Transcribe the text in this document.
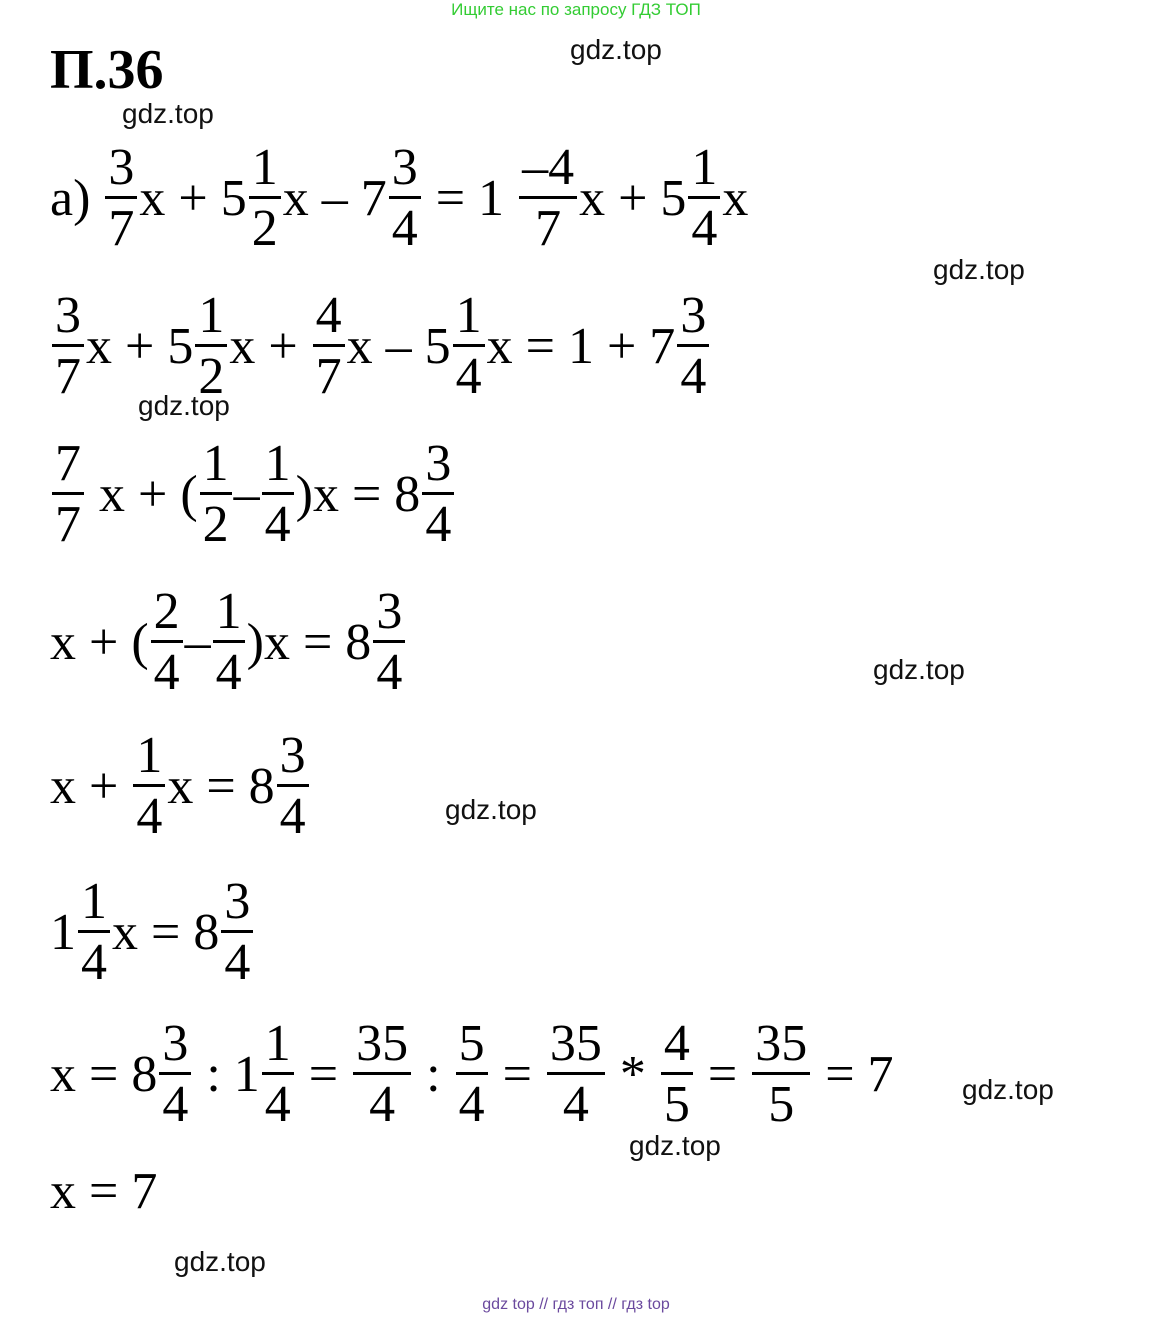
Ищите нас по запросу ГДЗ ТОП
П.36	gdz.top
gdz.top
gdz.top
gdz.top
gdz.top
gdz.top
gdz.top
gdz.top
gdz.top
$а) \frac{3}{7}$ $x + 5 \frac{1}{2}$ $x - 7 \frac{3}{4} = 1 \frac{-4}{7}$ $x + 5 \frac{1}{4}$ x
$\frac{3}{7}$ $x + 5 \frac{1}{2}$ $x + \frac{4}{7}$ x – $5 \frac{1}{4}$ $x = 1 + 7 \frac{3}{4}$
$\frac{7}{7}$ x + ( $\frac{1}{2} - \frac{1}{4} )x = 8 \frac{3}{4}$
x + ( $\frac{2}{4} - \frac{1}{4} )x = 8 \frac{3}{4}$
$x + \frac{1}{4}$ $x = 8 \frac{3}{4}$
$1 \frac{1}{4}$ $x = 8 \frac{3}{4}$
$x = 8 \frac{3}{4}$ : $1 \frac{1}{4} = \frac{35}{4}$ : $\frac{5}{4} = \frac{35}{4} * \frac{4}{5} = \frac{35}{5} = 7$
x = 7
gdz top // гдз топ // гдз top
